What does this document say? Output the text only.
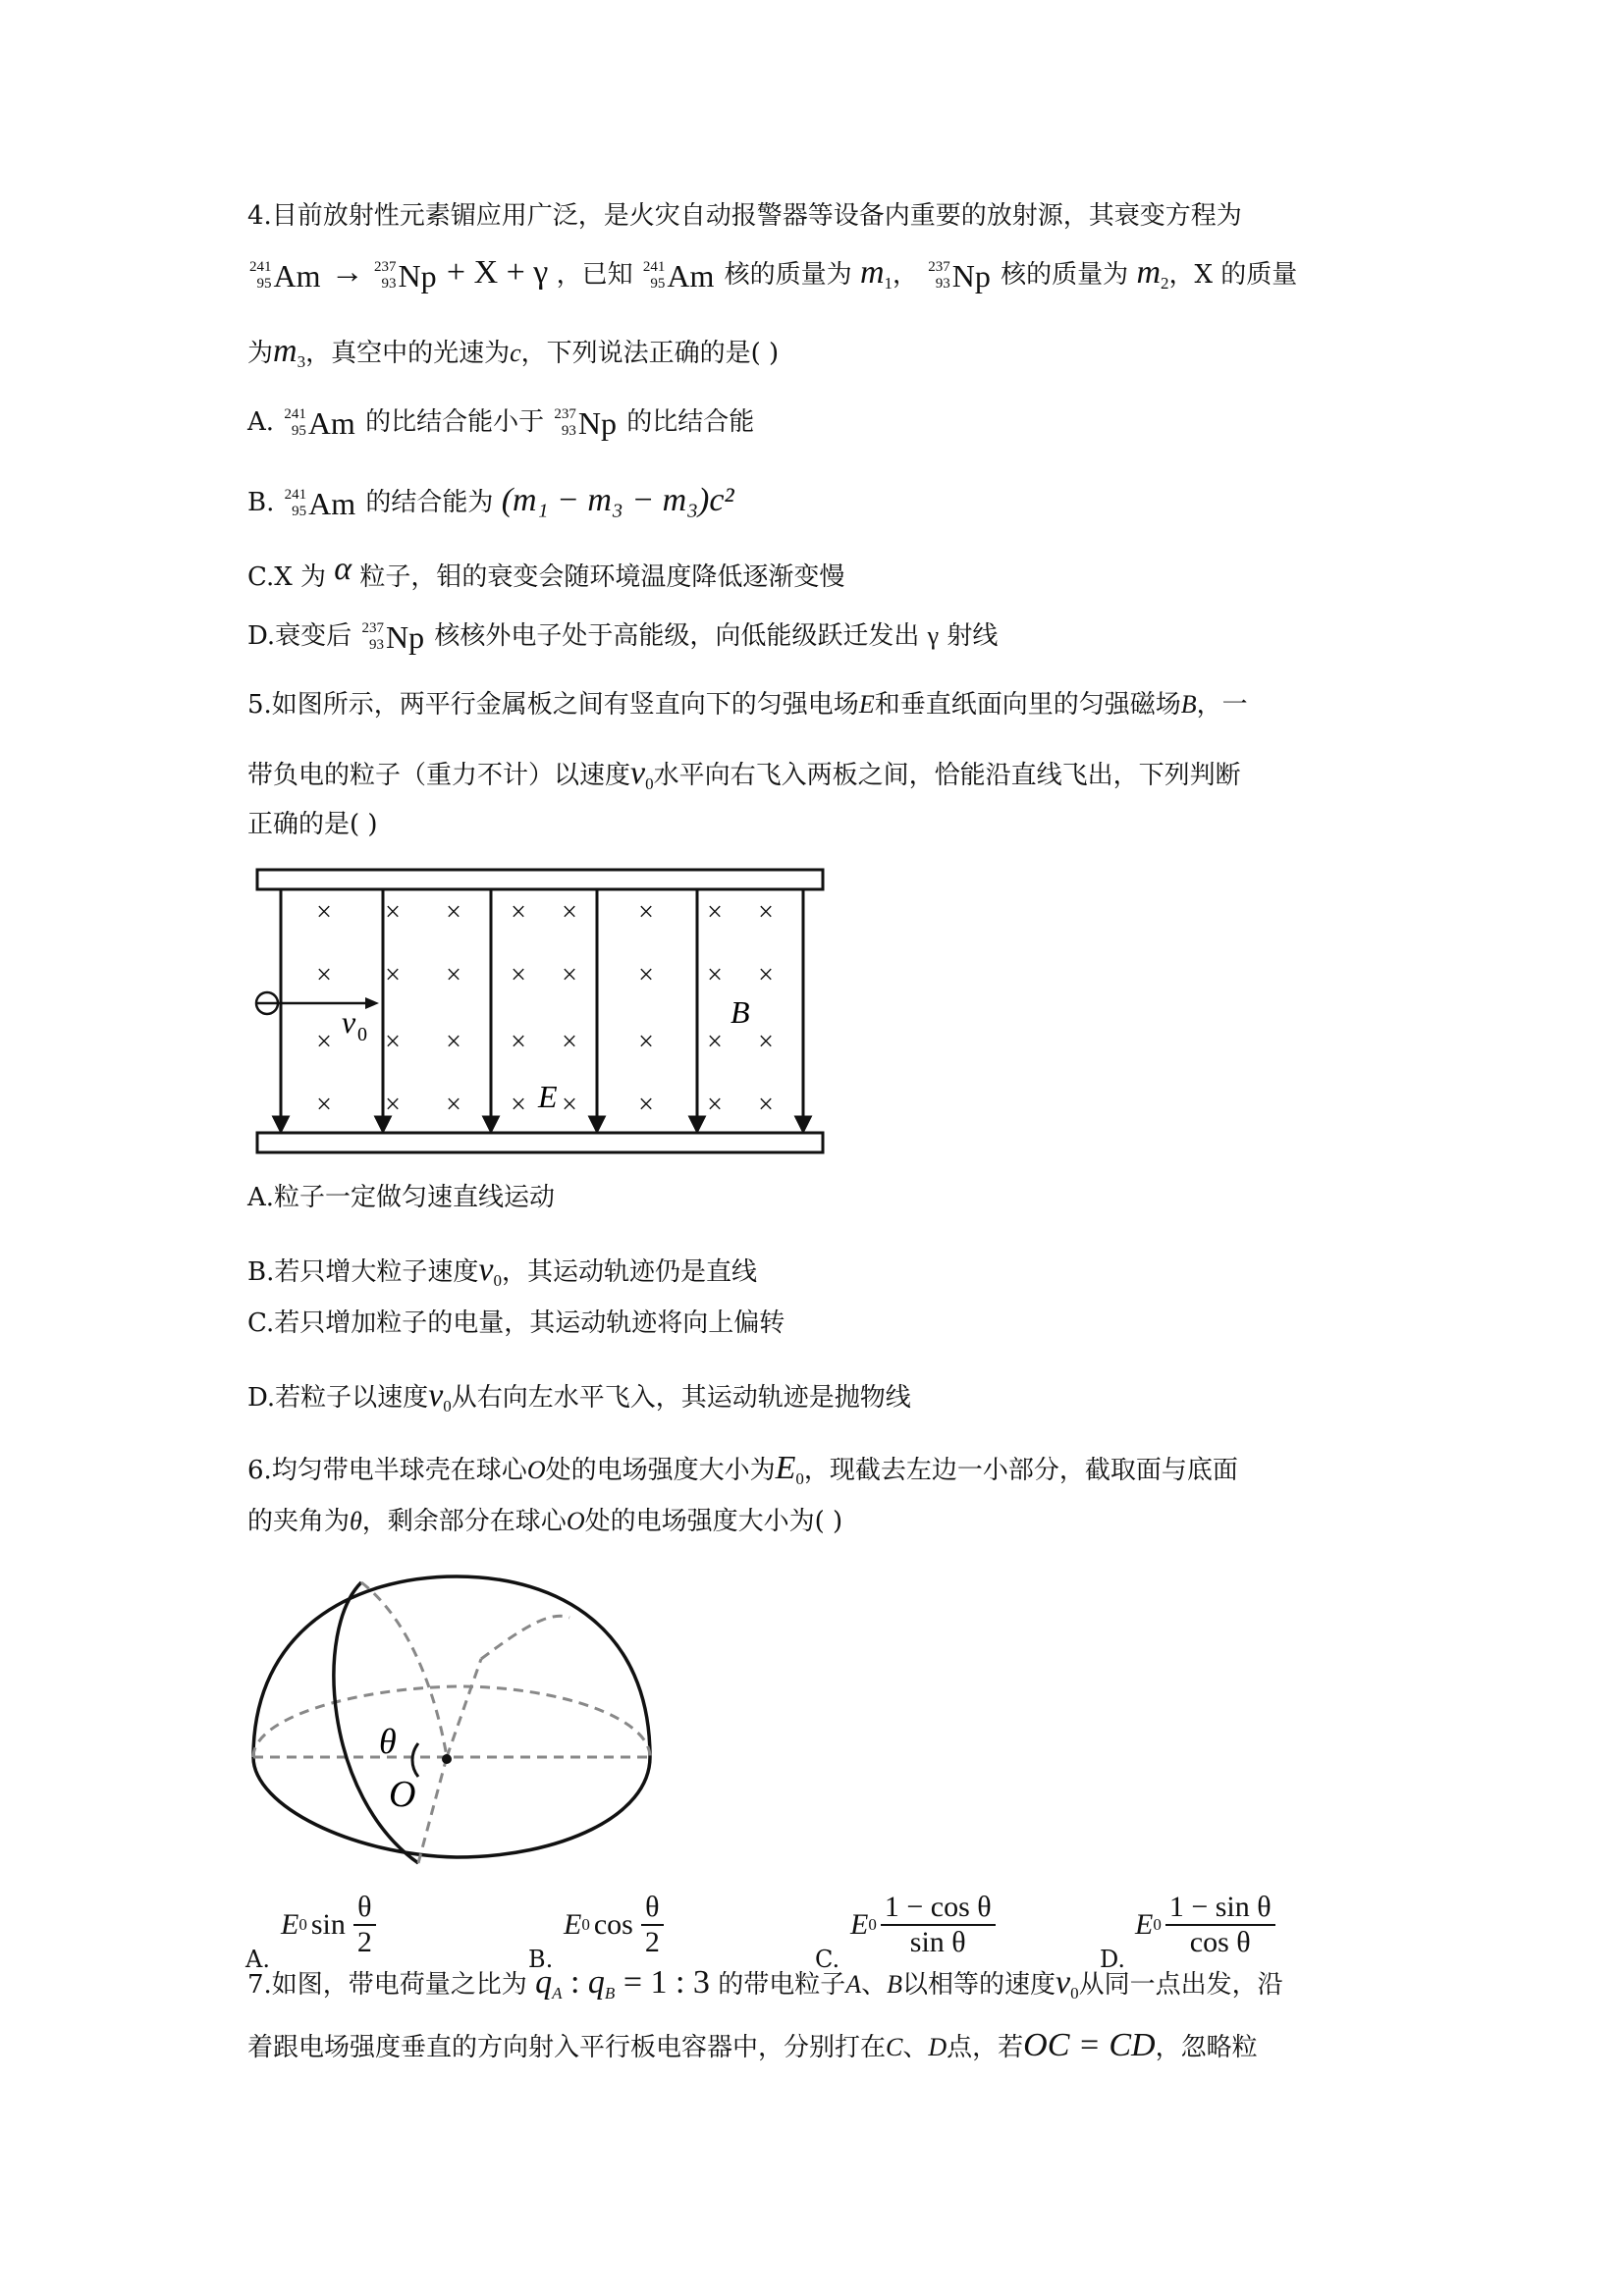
4.目前放射性元素镅应用广泛，是火灾自动报警器等设备内重要的放射源，其衰变方程为
241
95 Am → 237
93 Np + X + γ ，已知 241
95 Am 核的质量为 $m_1$， 237
93 Np 核的质量为 $m_2$，X 的质量
为$m_3$，真空中的光速为c，下列说法正确的是( )
A. 241
95 Am 的比结合能小于 237
93 Np 的比结合能
B. 241
95 Am 的结合能为 (m₁ − m₃ − m₃)c²
C.X 为 α 粒子，钼的衰变会随环境温度降低逐渐变慢
D.衰变后 237
93 Np 核核外电子处于高能级，向低能级跃迁发出 γ 射线
5.如图所示，两平行金属板之间有竖直向下的匀强电场E和垂直纸面向里的匀强磁场B，一
带负电的粒子（重力不计）以速度$v_0$水平向右飞入两板之间，恰能沿直线飞出，下列判断
正确的是( )
× × × × × × × ×
× × × × × × × ×
× × × × × × × ×
× × × × × × × ×
v 0
B
E
A.粒子一定做匀速直线运动
B.若只增大粒子速度$v_0$，其运动轨迹仍是直线
C.若只增加粒子的电量，其运动轨迹将向上偏转
D.若粒子以速度$v_0$从右向左水平飞入，其运动轨迹是抛物线
6.均匀带电半球壳在球心O处的电场强度大小为$E_0$，现截去左边一小部分，截取面与底面
的夹角为θ，剩余部分在球心O处的电场强度大小为( )
θ
O
E 0 $\sin \frac{\theta}{2}$
A.
E 0 $\cos \frac{\theta}{2}$
B.
E $0 \frac{\text{1 − cos θ}}{\text{sin θ}}$
C.
E $0 \frac{\text{1 − sin θ}}{\text{cos θ}}$
D.
7.如图，带电荷量之比为 $q_A$ : $q_B = 1$ : 3 的带电粒子A、B以相等的速度$v_0$从同一点出发，沿
着跟电场强度垂直的方向射入平行板电容器中，分别打在C、D点，若OC = CD，忽略粒
